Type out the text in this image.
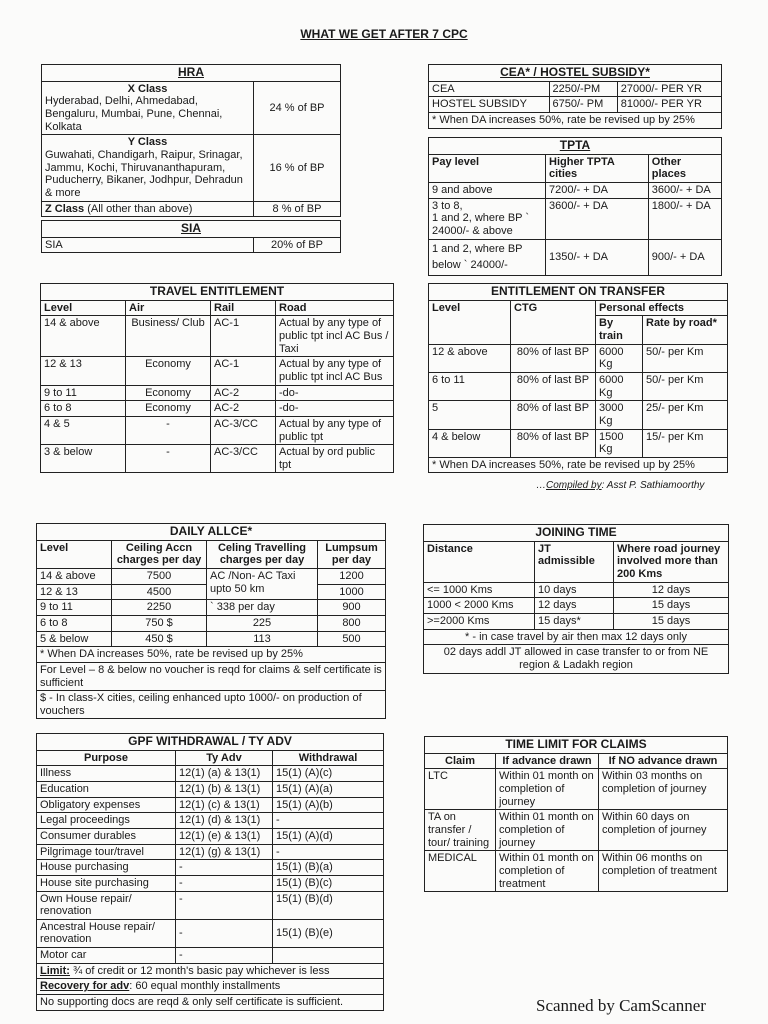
WHAT WE GET AFTER 7 CPC
HRA	

X Class
Hyderabad, Delhi, Ahmedabad, Bengaluru, Mumbai, Pune, Chennai, Kolkata	24 % of BP

Y Class
Guwahati, Chandigarh, Raipur, Srinagar, Jammu, Kochi, Thiruvananthapuram, Puducherry, Bikaner, Jodhpur, Dehradun & more	16 % of BP
Z Class (All other than above)	8 % of BP
SIA
SIA	20% of BP
CEA* / HOSTEL SUBSIDY*		
CEA	2250/-PM	27000/- PER YR
HOSTEL SUBSIDY	6750/- PM	81000/- PER YR
* When DA increases 50%, rate be revised up by 25%		
TPTA		
Pay level	Higher TPTA cities	Other places
9 and above	7200/- + DA	3600/- + DA
3 to 8,
1 and 2, where BP ` 24000/- & above	3600/- + DA	1800/- + DA
1 and 2, where BP
below ` 24000/-	1350/- + DA	900/- + DA
TRAVEL ENTITLEMENT			
Level	Air	Rail	Road
14 & above	Business/ Club	AC-1	Actual by any type of public tpt incl AC Bus / Taxi
12 & 13	Economy	AC-1	Actual by any type of public tpt incl AC Bus
9 to 11	Economy	AC-2	-do-
6 to 8	Economy	AC-2	-do-
4 & 5	-	AC-3/CC	Actual by any type of public tpt
3 & below	-	AC-3/CC	Actual by ord public tpt
ENTITLEMENT ON TRANSFER			
Level	CTG	Personal effects	
		By train	Rate by road*
12 & above	80% of last BP	6000 Kg	50/- per Km
6 to 11	80% of last BP	6000 Kg	50/- per Km
5	80% of last BP	3000 Kg	25/- per Km
4 & below	80% of last BP	1500 Kg	15/- per Km
* When DA increases 50%, rate be revised up by 25%			
…Compiled by: Asst P. Sathiamoorthy
DAILY ALLCE*			
Level	Ceiling Accn charges per day	Celing Travelling charges per day	Lumpsum per day
14 & above	7500	AC /Non- AC Taxi upto 50 km	1200
12 & 13	4500		1000
9 to 11	2250	` 338 per day	900
6 to 8	750 $	225	800
5 & below	450 $	113	500
* When DA increases 50%, rate be revised up by 25%			
For Level – 8 & below no voucher is reqd for claims & self certificate is sufficient			
$ - In class-X cities, ceiling enhanced upto 1000/- on production of vouchers			
JOINING TIME		
Distance	JT admissible	Where road journey involved more than 200 Kms
<= 1000 Kms	10 days	12 days
1000 < 2000 Kms	12 days	15 days
>=2000 Kms	15 days*	15 days
* - in case travel by air then max 12 days only		
02 days addl JT allowed in case transfer to or from NE region & Ladakh region		
GPF WITHDRAWAL / TY ADV		
Purpose	Ty Adv	Withdrawal
Illness	12(1) (a) & 13(1)	15(1) (A)(c)
Education	12(1) (b) & 13(1)	15(1) (A)(a)
Obligatory expenses	12(1) (c) & 13(1)	15(1) (A)(b)
Legal proceedings	12(1) (d) & 13(1)	-
Consumer durables	12(1) (e) & 13(1)	15(1) (A)(d)
Pilgrimage tour/travel	12(1) (g) & 13(1)	-
House purchasing	-	15(1) (B)(a)
House site purchasing	-	15(1) (B)(c)
Own House repair/ renovation	-	15(1) (B)(d)
Ancestral House repair/ renovation	-	15(1) (B)(e)
Motor car	-	
Limit: ¾ of credit or 12 month's basic pay whichever is less		
Recovery for adv: 60 equal monthly installments		
No supporting docs are reqd & only self certificate is sufficient.		
TIME LIMIT FOR CLAIMS		
Claim	If advance drawn	If NO advance drawn
LTC	Within 01 month on completion of journey	Within 03 months on completion of journey
TA on transfer / tour/ training	Within 01 month on completion of journey	Within 60 days on completion of journey
MEDICAL	Within 01 month on completion of treatment	Within 06 months on completion of treatment
Scanned by CamScanner
